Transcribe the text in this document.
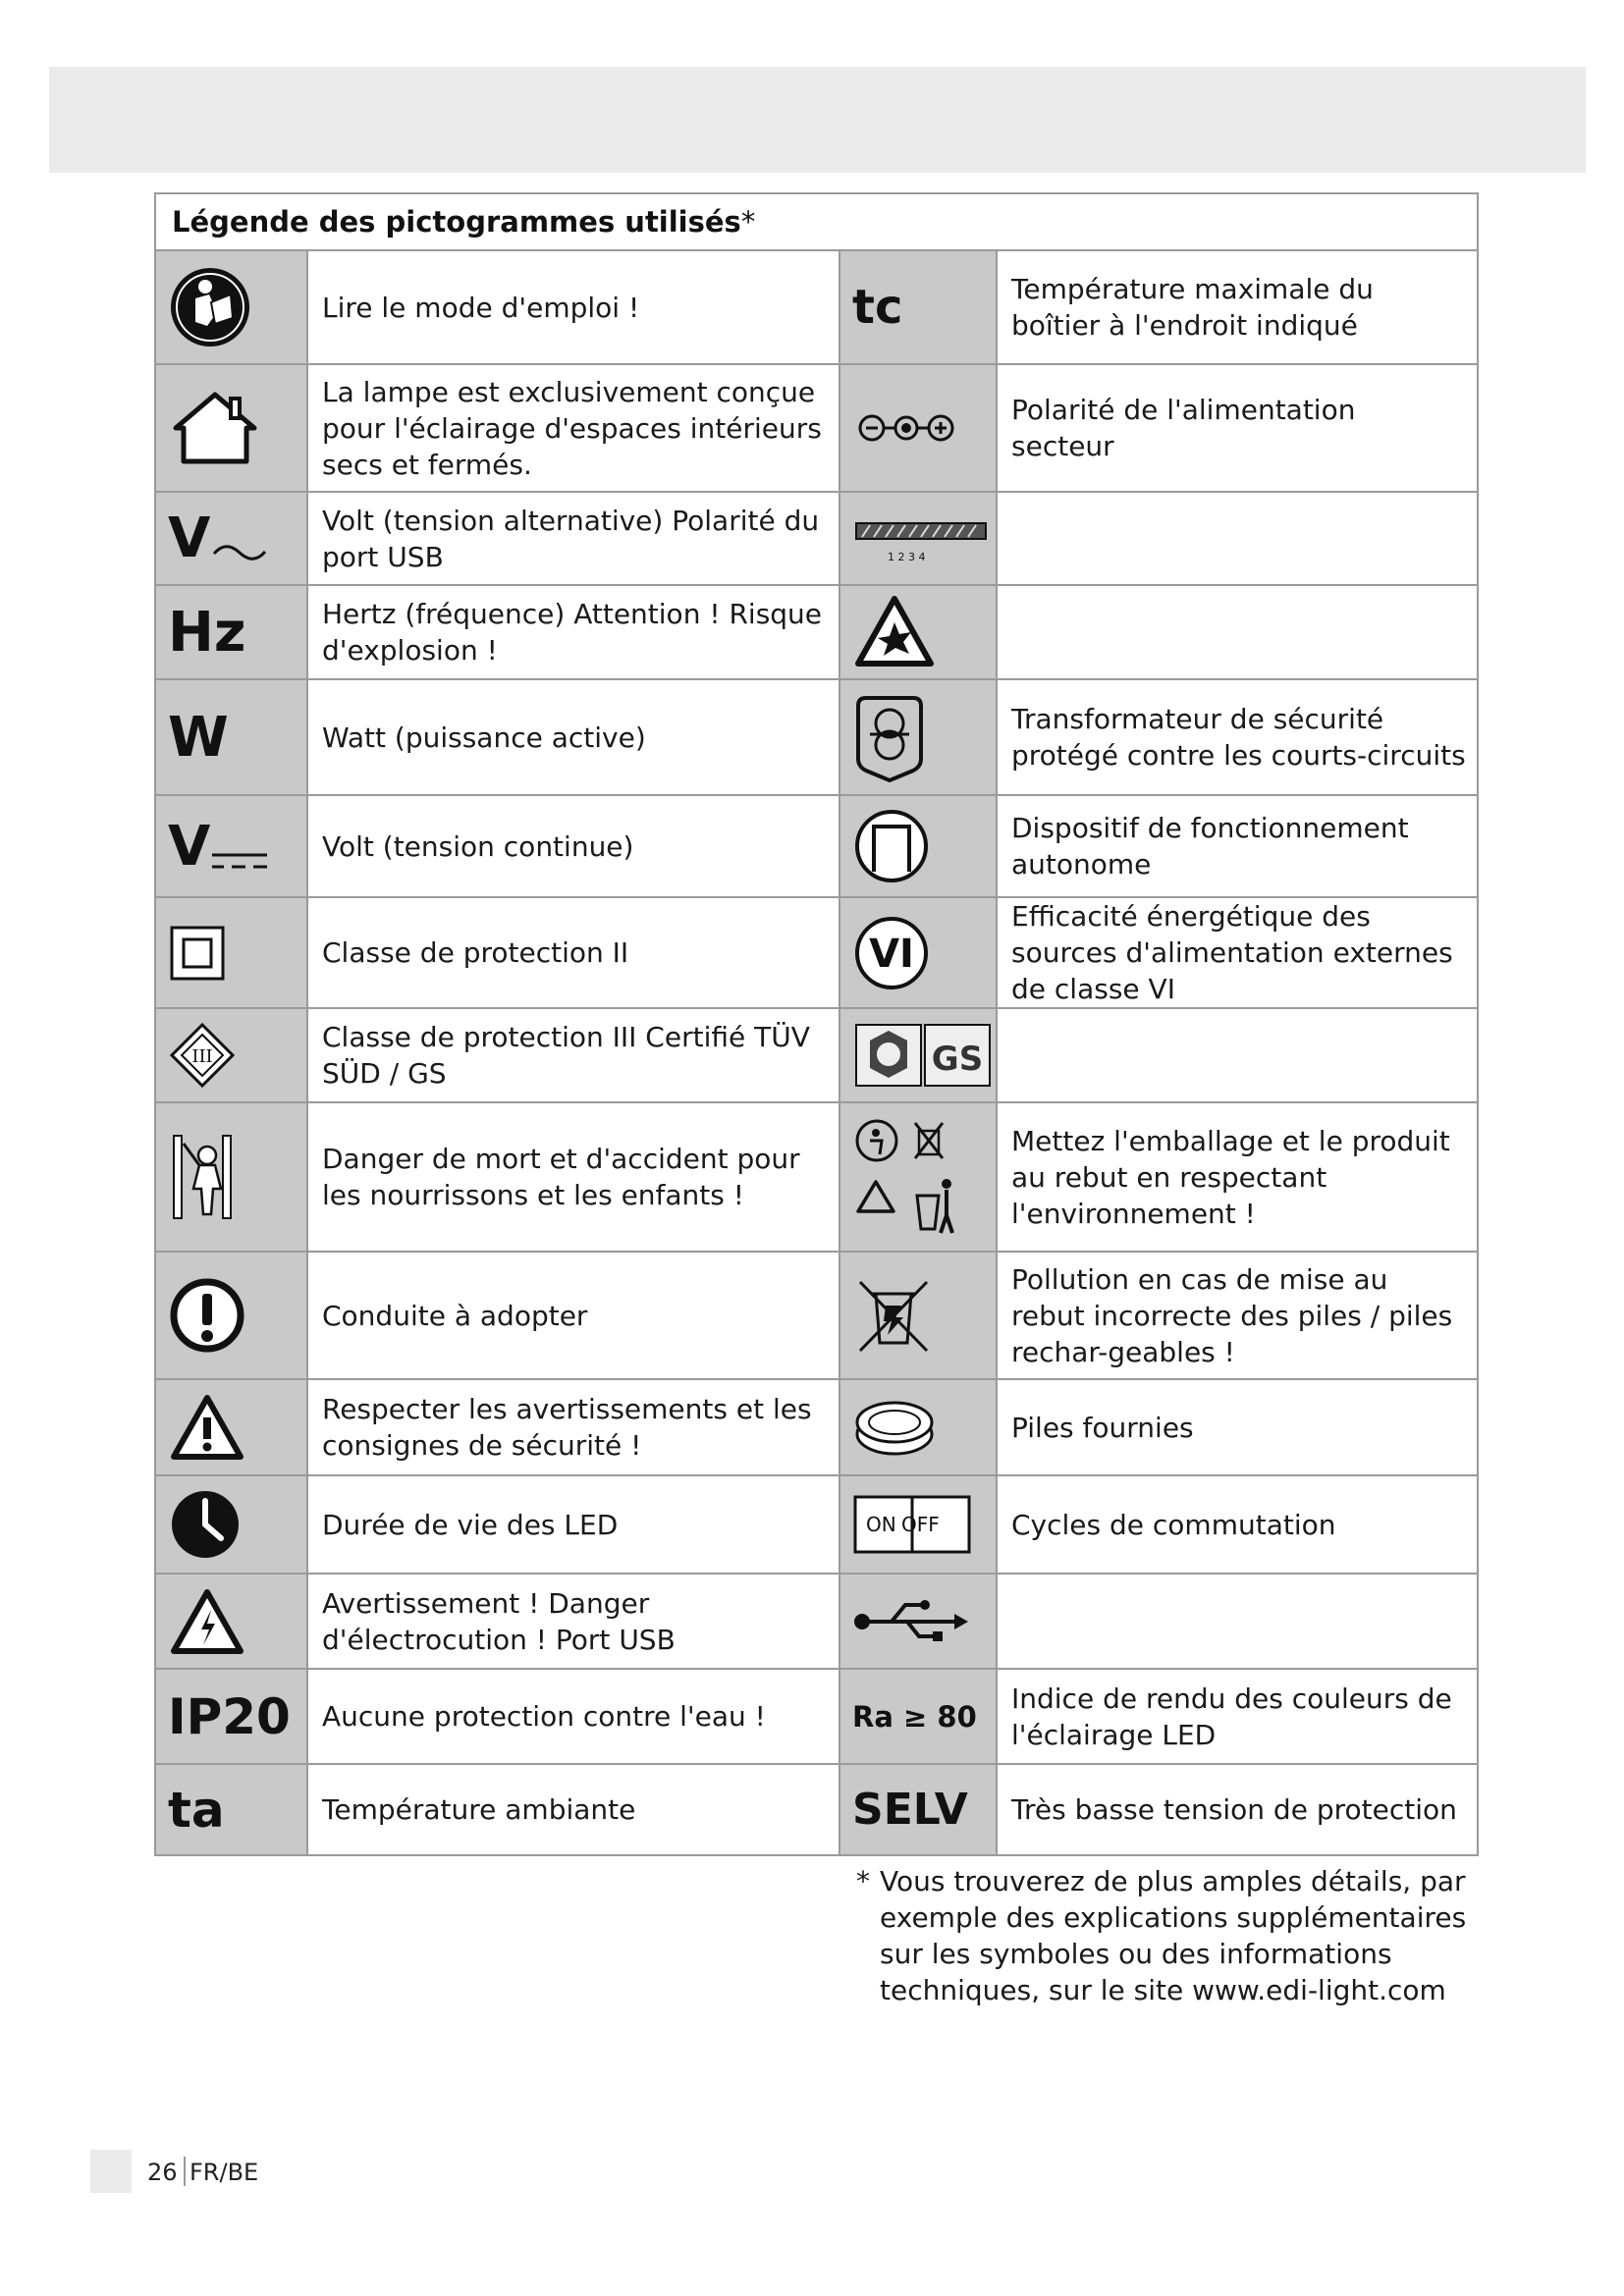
Légende des pictogrammes utilisés*			

	Lire le mode d'emploi !	tc	Température maximale du boîtier à l'endroit indiqué

	La lampe est exclusivement conçue pour l'éclairage d'espaces intérieurs secs et fermés.		Polarité de l'alimentation secteur
V	Volt (tension alternative) Polarité du port USB	1 2 3 4	

Hz	Hertz (fréquence) Attention ! Risque d'explosion !	

W	Watt (puissance active)		Transformateur de sécurité protégé contre les courts-circuits
V	Volt (tension continue)		Dispositif de fonctionnement autonome

	Classe de protection II	VI	Efficacité énergétique des sources d'alimentation externes de classe VI

III	Classe de protection III Certifié TÜV SÜD / GS	GS	

	Danger de mort et d'accident pour les nourrissons et les enfants !		Mettez l'emballage et le produit au rebut en respectant l'environnement !

	Conduite à adopter		Pollution en cas de mise au rebut incorrecte des piles / piles rechar-geables !

	Respecter les avertissements et les consignes de sécurité !		Piles fournies

	Durée de vie des LED	ON OFF	Cycles de commutation

	Avertissement ! Danger d'électrocution ! Port USB	

IP20	Aucune protection contre l'eau !	Ra ≥ 80	Indice de rendu des couleurs de l'éclairage LED
ta	Température ambiante	SELV	Très basse tension de protection
* Vous trouverez de plus amples détails, par exemple des explications supplémentaires sur les symboles ou des informations techniques, sur le site www.edi-light.com
26 FR/BE
